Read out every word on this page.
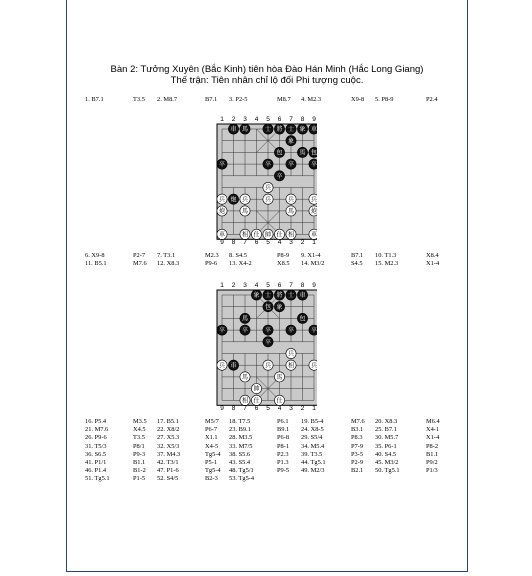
Bàn 2: Tưởng Xuyên (Bắc Kinh) tiên hòa Đào Hán Minh (Hắc Long Giang)
Thế trận: Tiên nhân chỉ lộ đối Phi tượng cuộc.
1. B7.1	T3.5 2. M8.7	B7.1 3. P2-5	M8.7 4. M2.3	X9-8 5. P8-9	P2.4
1 2 3 4 5 6 7 8 9
9 8 7 6 5 4 3 2 1
車 馬	士 將 士 象 車
象
包	馬 包
卒	卒	卒	卒
卒
兵
兵	兵
炮	兵	兵	兵
炮	馬	馬	炮
車	相 仕 帥 仕 相	車
6. X9-8	P2-7 7. T3.1	M2.3 8. S4.5	P8-9 9. X1-4	B7.1 10. T1.3	X8.4
11. B5.1	M7.6 12. X8.3	P9-6 13. X4-2	X8.5 14. M3/2	S4.5 15. M2.3	X1-4
1 2 3 4 5 6 7 8 9
9 8 7 6 5 4 3 2 1
象 士 將 士 車
包 象
馬	包
卒	卒	卒	卒	卒
卒
兵
兵 車	兵	相	兵
馬	馬
帥
相 仕	仕
16. P5.4	M3.5 17. B5.1	M5/7 18. T7.5	P6.1 19. B5-4	M7.6 20. X8.3	M6.4
21. M7.6	X4.5 22. X8/2	P6-7 23. B9.1	B9.1 24. X8-5	B3.1 25. B7.1	X4-1
26. P9-6	T3.5 27. X5.3	X1.1 28. M3.5	P6-8 29. S5/4	P8.3 30. M5.7	X1-4
31. T5/3	P8/1 32. X5/3	X4-5 33. M7/5	P8-1 34. M5.4	P7-9 35. P6-1	P8-2
36. S6.5	P9-3 37. M4.3	Tg5-4 38. S5.6	P2.3 39. T3.5	P3-5 40. S4.5	B1.1
41. P1/1	B1.1 42. T3/1	P5-1 43. S5.4	P1.3 44. Tg5.1	P2-9 45. M3/2	P9/2
46. P1.4	B1-2 47. P1-6	Tg5-4 48. Tg5/1	P9-5 49. M2/3	B2.1 50. Tg5.1	P1/3
51. Tg5.1	P1-5 52. S4/5	B2-3 53. Tg5-4
